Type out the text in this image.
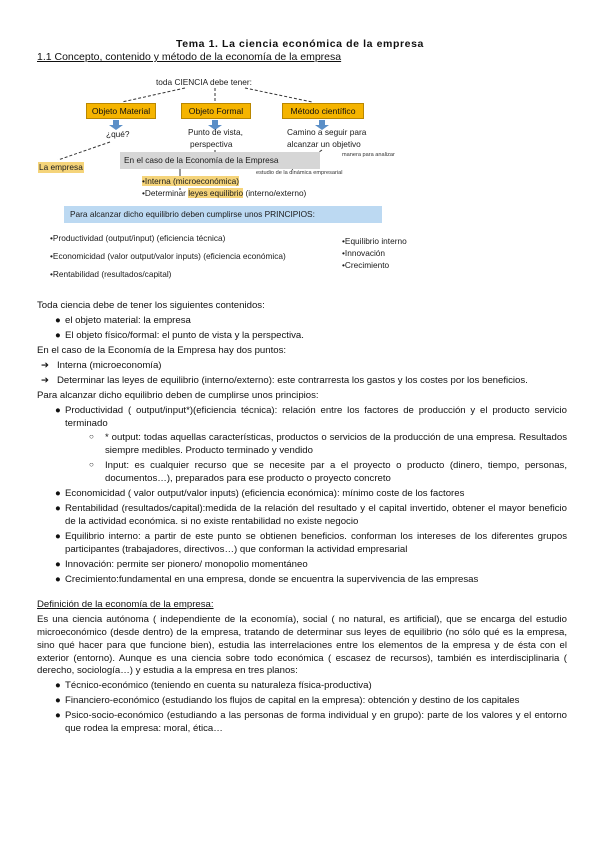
Tema 1. La ciencia económica de la empresa
1.1 Concepto, contenido y método de la economía de la empresa
toda CIENCIA debe tener:
Objeto Material	Objeto Formal	Método científico
¿qué?	Punto de vista,
perspectiva
Camino a seguir para
alcanzar un objetivo
manera para analizar
La empresa
En el caso de la Economía de la Empresa
estudio de la dinámica empresarial
•Interna (microeconómica)
•Determinar leyes equilibrio (interno/externo)
Para alcanzar dicho equilibrio deben cumplirse unos PRINCIPIOS:
•Productividad (output/input) (eficiencia técnica)
•Economicidad (valor output/valor inputs) (eficiencia económica)
•Rentabilidad (resultados/capital)
•Equilibrio interno
•Innovación
•Crecimiento
Toda ciencia debe de tener los siguientes contenidos:
● el objeto material: la empresa
● El objeto físico/formal: el punto de vista y la perspectiva.
En el caso de la Economía de la Empresa hay dos puntos:
➔ Interna (microeconomía)
➔ Determinar las leyes de equilibrio (interno/externo): este contrarresta los gastos y los costes por los beneficios.
Para alcanzar dicho equilibrio deben de cumplirse unos principios:
● Productividad ( output/input*)(eficiencia técnica): relación entre los factores de producción y el producto servicio terminado
○ * output: todas aquellas características, productos o servicios de la producción de una empresa. Resultados siempre medibles. Producto terminado y vendido
○ Input: es cualquier recurso que se necesite par a el proyecto o producto (dinero, tiempo, personas, documentos…), preparados para ese producto o proyecto concreto
● Economicidad ( valor output/valor inputs) (eficiencia económica): mínimo coste de los factores
● Rentabilidad (resultados/capital):medida de la relación del resultado y el capital invertido, obtener el mayor beneficio de la actividad económica. si no existe rentabilidad no existe negocio
● Equilibrio interno: a partir de este punto se obtienen beneficios. conforman los intereses de los diferentes grupos participantes (trabajadores, directivos…) que conforman la actividad empresarial
● Innovación: permite ser pionero/ monopolio momentáneo
● Crecimiento:fundamental en una empresa, donde se encuentra la supervivencia de las empresas
Definición de la economía de la empresa:
Es una ciencia autónoma ( independiente de la economía), social ( no natural, es artificial), que se encarga del estudio microeconómico (desde dentro) de la empresa, tratando de determinar sus leyes de equilibrio (no sólo qué es la empresa, sino qué hacer para que funcione bien), estudia las interrelaciones entre los elementos de la empresa y de ésta con el exterior (entorno). Aunque es una ciencia sobre todo económica ( escasez de recursos), también es interdisciplinaria ( derecho, sociología…) y estudia a la empresa en tres planos:
● Técnico-económico (teniendo en cuenta su naturaleza física-productiva)
● Financiero-económico (estudiando los flujos de capital en la empresa): obtención y destino de los capitales
● Psico-socio-económico (estudiando a las personas de forma individual y en grupo): parte de los valores y el entorno que rodea la empresa: moral, ética…
